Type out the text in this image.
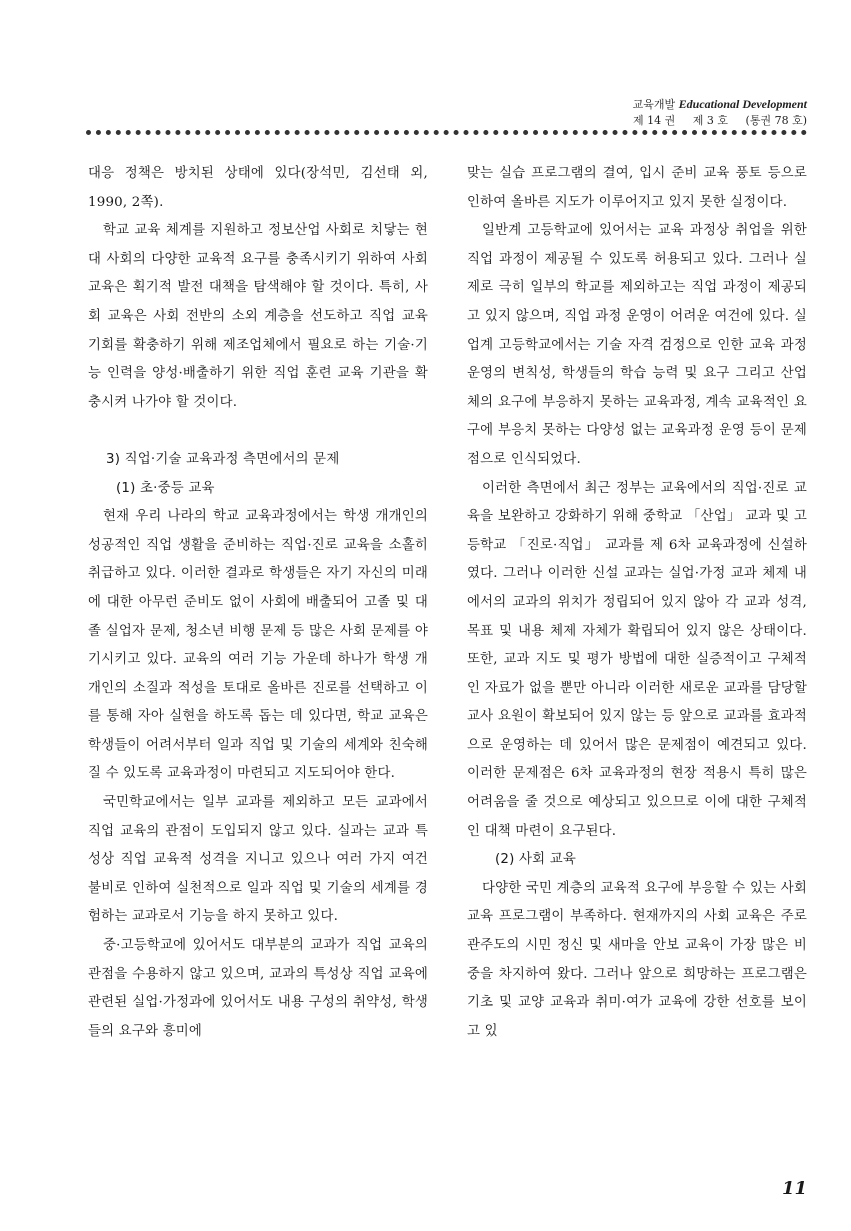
교육개발 Educational Development
제 14 권 제 3 호 (통권 78 호)

대응 정책은 방치된 상태에 있다(장석민, 김선태 외, 1990, 2쪽).

학교 교육 체계를 지원하고 정보산업 사회로 치닿는 현대 사회의 다양한 교육적 요구를 충족시키기 위하여 사회 교육은 획기적 발전 대책을 탐색해야 할 것이다. 특히, 사회 교육은 사회 전반의 소외 계층을 선도하고 직업 교육 기회를 확충하기 위해 제조업체에서 필요로 하는 기술·기능 인력을 양성·배출하기 위한 직업 훈련 교육 기관을 확충시켜 나가야 할 것이다.

3) 직업·기술 교육과정 측면에서의 문제
(1) 초·중등 교육

현재 우리 나라의 학교 교육과정에서는 학생 개개인의 성공적인 직업 생활을 준비하는 직업·진로 교육을 소홀히 취급하고 있다. 이러한 결과로 학생들은 자기 자신의 미래에 대한 아무런 준비도 없이 사회에 배출되어 고졸 및 대졸 실업자 문제, 청소년 비행 문제 등 많은 사회 문제를 야기시키고 있다. 교육의 여러 기능 가운데 하나가 학생 개개인의 소질과 적성을 토대로 올바른 진로를 선택하고 이를 통해 자아 실현을 하도록 돕는 데 있다면, 학교 교육은 학생들이 어려서부터 일과 직업 및 기술의 세계와 친숙해 질 수 있도록 교육과정이 마련되고 지도되어야 한다.

국민학교에서는 일부 교과를 제외하고 모든 교과에서 직업 교육의 관점이 도입되지 않고 있다. 실과는 교과 특성상 직업 교육적 성격을 지니고 있으나 여러 가지 여건 불비로 인하여 실천적으로 일과 직업 및 기술의 세계를 경험하는 교과로서 기능을 하지 못하고 있다.

중·고등학교에 있어서도 대부분의 교과가 직업 교육의 관점을 수용하지 않고 있으며, 교과의 특성상 직업 교육에 관련된 실업·가정과에 있어서도 내용 구성의 취약성, 학생들의 요구와 흥미에

맞는 실습 프로그램의 결여, 입시 준비 교육 풍토 등으로 인하여 올바른 지도가 이루어지고 있지 못한 실정이다.

일반계 고등학교에 있어서는 교육 과정상 취업을 위한 직업 과정이 제공될 수 있도록 허용되고 있다. 그러나 실제로 극히 일부의 학교를 제외하고는 직업 과정이 제공되고 있지 않으며, 직업 과정 운영이 어려운 여건에 있다. 실업계 고등학교에서는 기술 자격 검정으로 인한 교육 과정 운영의 변칙성, 학생들의 학습 능력 및 요구 그리고 산업체의 요구에 부응하지 못하는 교육과정, 계속 교육적인 요구에 부응치 못하는 다양성 없는 교육과정 운영 등이 문제점으로 인식되었다.

이러한 측면에서 최근 정부는 교육에서의 직업·진로 교육을 보완하고 강화하기 위해 중학교 「산업」 교과 및 고등학교 「진로·직업」 교과를 제 6차 교육과정에 신설하였다. 그러나 이러한 신설 교과는 실업·가정 교과 체제 내에서의 교과의 위치가 정립되어 있지 않아 각 교과 성격, 목표 및 내용 체제 자체가 확립되어 있지 않은 상태이다. 또한, 교과 지도 및 평가 방법에 대한 실증적이고 구체적인 자료가 없을 뿐만 아니라 이러한 새로운 교과를 담당할 교사 요원이 확보되어 있지 않는 등 앞으로 교과를 효과적으로 운영하는 데 있어서 많은 문제점이 예견되고 있다. 이러한 문제점은 6차 교육과정의 현장 적용시 특히 많은 어려움을 줄 것으로 예상되고 있으므로 이에 대한 구체적인 대책 마련이 요구된다.

(2) 사회 교육

다양한 국민 계층의 교육적 요구에 부응할 수 있는 사회 교육 프로그램이 부족하다. 현재까지의 사회 교육은 주로 관주도의 시민 정신 및 새마을 안보 교육이 가장 많은 비중을 차지하여 왔다. 그러나 앞으로 희망하는 프로그램은 기초 및 교양 교육과 취미·여가 교육에 강한 선호를 보이고 있

11
